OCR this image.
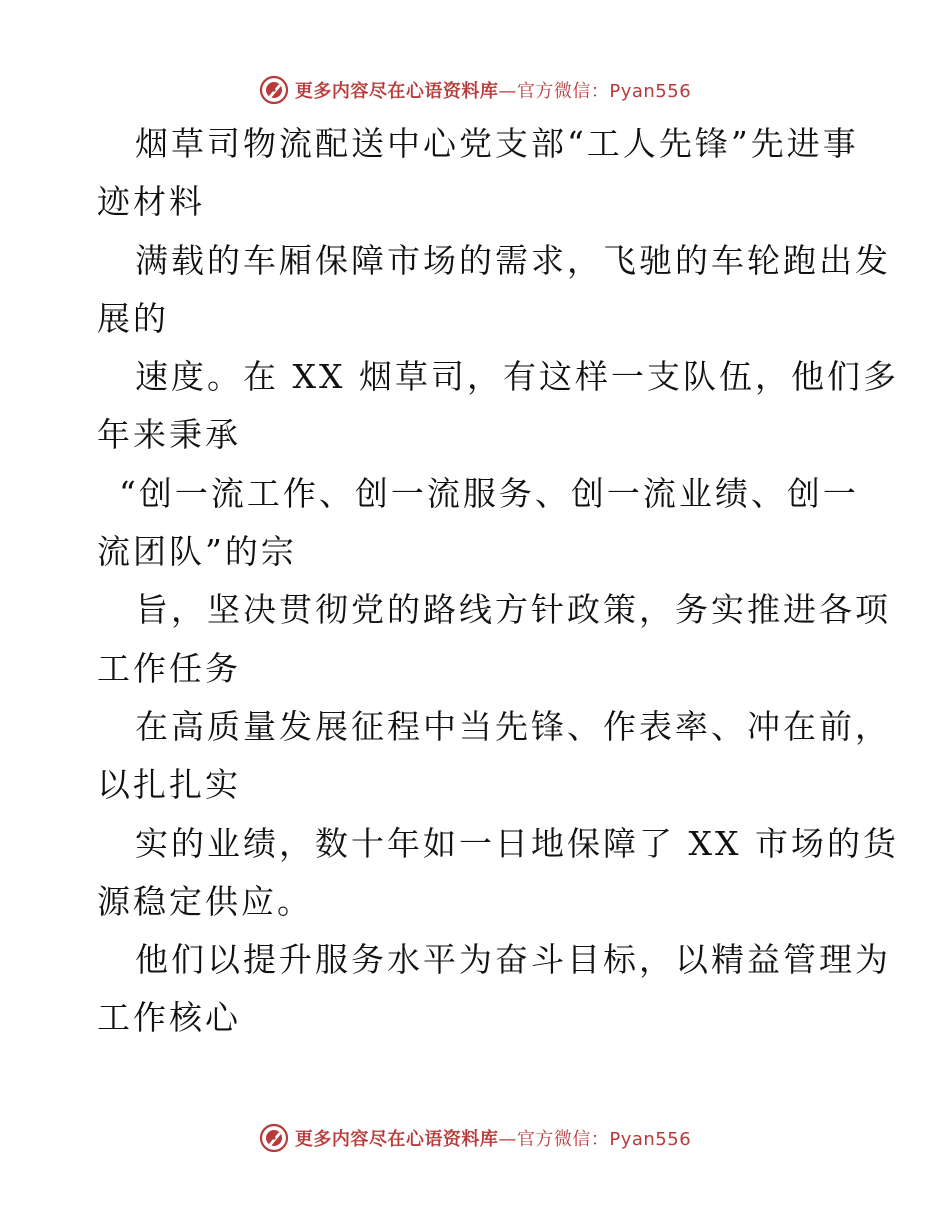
更多内容尽在心语资料库—官方微信：Pyan556
烟草司物流配送中心党支部“工人先锋”先进事
迹材料
满载的车厢保障市场的需求，飞驰的车轮跑出发
展的
速度。在 XX 烟草司，有这样一支队伍，他们多
年来秉承
“创一流工作、创一流服务、创一流业绩、创一
流团队”的宗
旨，坚决贯彻党的路线方针政策，务实推进各项
工作任务
在高质量发展征程中当先锋、作表率、冲在前，
以扎扎实
实的业绩，数十年如一日地保障了 XX 市场的货
源稳定供应。
他们以提升服务水平为奋斗目标，以精益管理为
工作核心
更多内容尽在心语资料库—官方微信：Pyan556
